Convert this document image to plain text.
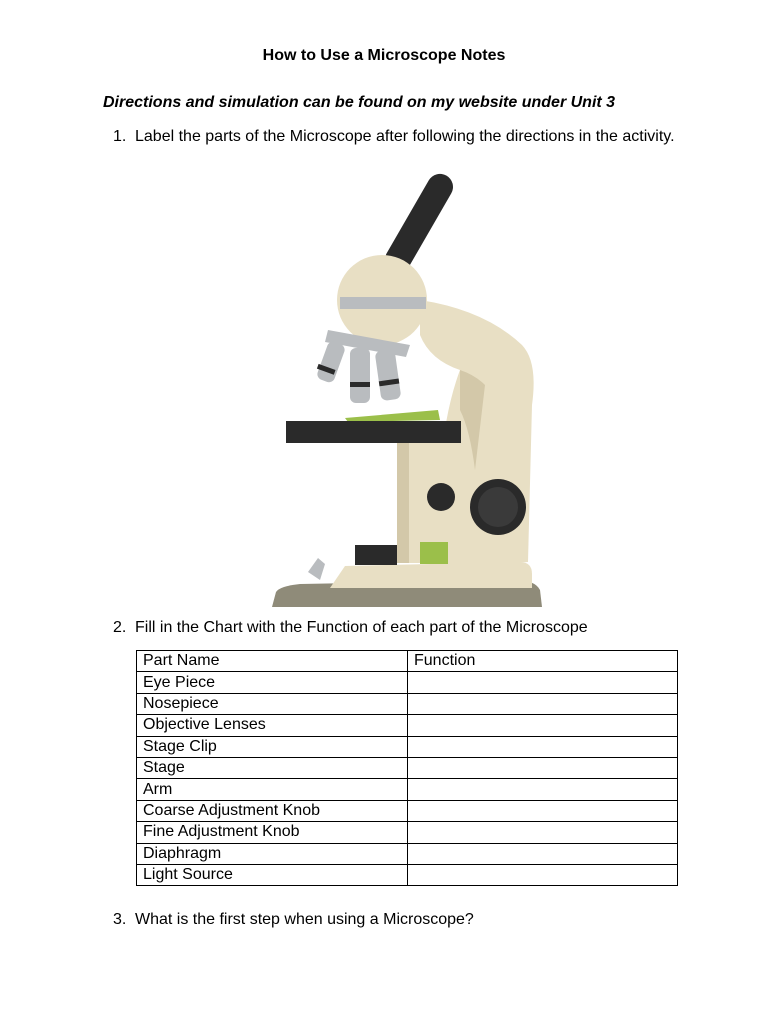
How to Use a Microscope Notes
Directions and simulation can be found on my website under Unit 3
1. Label the parts of the Microscope after following the directions in the activity.
2. Fill in the Chart with the Function of each part of the Microscope
Part Name	Function
Eye Piece	
Nosepiece	
Objective Lenses	
Stage Clip	
Stage	
Arm	
Coarse Adjustment Knob	
Fine Adjustment Knob	
Diaphragm	
Light Source	
3. What is the first step when using a Microscope?
